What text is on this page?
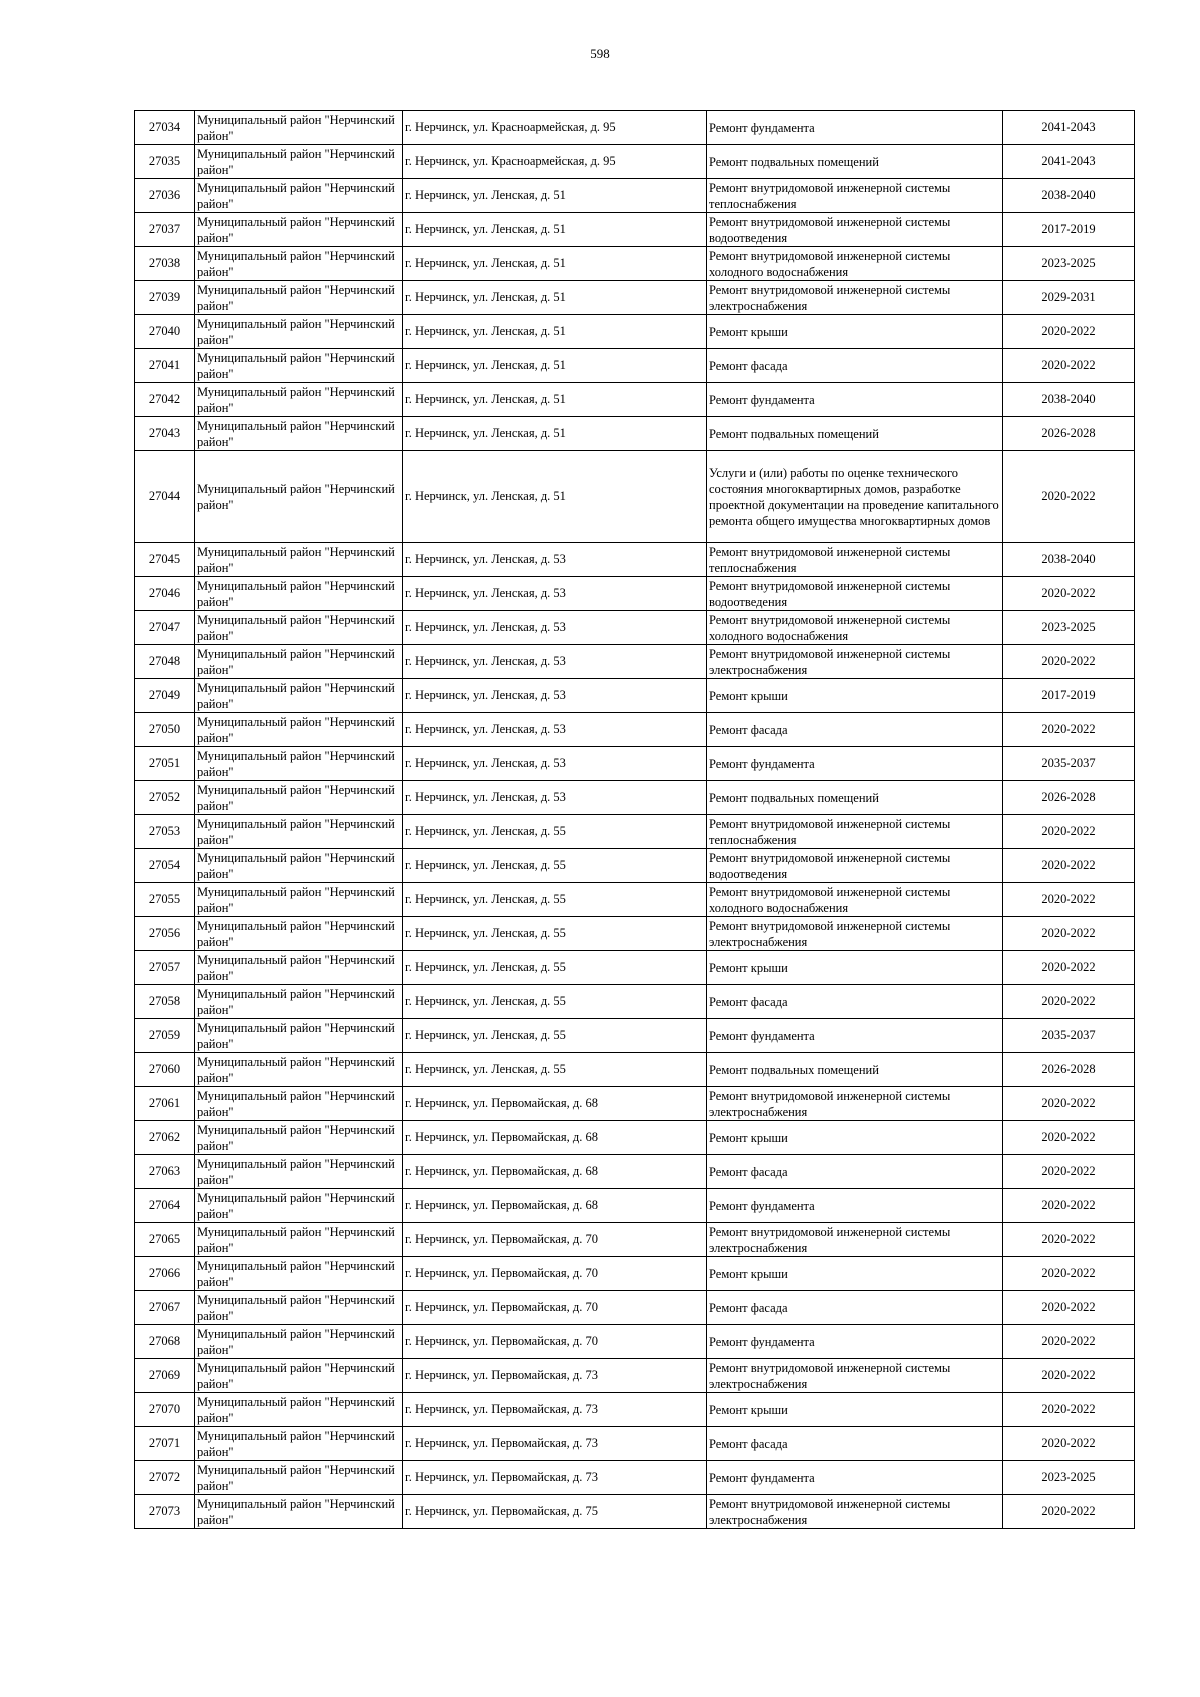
598
27034	Муниципальный район "Нерчинский район"	г. Нерчинск, ул. Красноармейская, д. 95	Ремонт фундамента	2041-2043
27035	Муниципальный район "Нерчинский район"	г. Нерчинск, ул. Красноармейская, д. 95	Ремонт подвальных помещений	2041-2043
27036	Муниципальный район "Нерчинский район"	г. Нерчинск, ул. Ленская, д. 51	Ремонт внутридомовой инженерной системы теплоснабжения	2038-2040
27037	Муниципальный район "Нерчинский район"	г. Нерчинск, ул. Ленская, д. 51	Ремонт внутридомовой инженерной системы водоотведения	2017-2019
27038	Муниципальный район "Нерчинский район"	г. Нерчинск, ул. Ленская, д. 51	Ремонт внутридомовой инженерной системы холодного водоснабжения	2023-2025
27039	Муниципальный район "Нерчинский район"	г. Нерчинск, ул. Ленская, д. 51	Ремонт внутридомовой инженерной системы электроснабжения	2029-2031
27040	Муниципальный район "Нерчинский район"	г. Нерчинск, ул. Ленская, д. 51	Ремонт крыши	2020-2022
27041	Муниципальный район "Нерчинский район"	г. Нерчинск, ул. Ленская, д. 51	Ремонт фасада	2020-2022
27042	Муниципальный район "Нерчинский район"	г. Нерчинск, ул. Ленская, д. 51	Ремонт фундамента	2038-2040
27043	Муниципальный район "Нерчинский район"	г. Нерчинск, ул. Ленская, д. 51	Ремонт подвальных помещений	2026-2028
27044	Муниципальный район "Нерчинский район"	г. Нерчинск, ул. Ленская, д. 51	Услуги и (или) работы по оценке технического состояния многоквартирных домов, разработке проектной документации на проведение капитального ремонта общего имущества многоквартирных домов	2020-2022
27045	Муниципальный район "Нерчинский район"	г. Нерчинск, ул. Ленская, д. 53	Ремонт внутридомовой инженерной системы теплоснабжения	2038-2040
27046	Муниципальный район "Нерчинский район"	г. Нерчинск, ул. Ленская, д. 53	Ремонт внутридомовой инженерной системы водоотведения	2020-2022
27047	Муниципальный район "Нерчинский район"	г. Нерчинск, ул. Ленская, д. 53	Ремонт внутридомовой инженерной системы холодного водоснабжения	2023-2025
27048	Муниципальный район "Нерчинский район"	г. Нерчинск, ул. Ленская, д. 53	Ремонт внутридомовой инженерной системы электроснабжения	2020-2022
27049	Муниципальный район "Нерчинский район"	г. Нерчинск, ул. Ленская, д. 53	Ремонт крыши	2017-2019
27050	Муниципальный район "Нерчинский район"	г. Нерчинск, ул. Ленская, д. 53	Ремонт фасада	2020-2022
27051	Муниципальный район "Нерчинский район"	г. Нерчинск, ул. Ленская, д. 53	Ремонт фундамента	2035-2037
27052	Муниципальный район "Нерчинский район"	г. Нерчинск, ул. Ленская, д. 53	Ремонт подвальных помещений	2026-2028
27053	Муниципальный район "Нерчинский район"	г. Нерчинск, ул. Ленская, д. 55	Ремонт внутридомовой инженерной системы теплоснабжения	2020-2022
27054	Муниципальный район "Нерчинский район"	г. Нерчинск, ул. Ленская, д. 55	Ремонт внутридомовой инженерной системы водоотведения	2020-2022
27055	Муниципальный район "Нерчинский район"	г. Нерчинск, ул. Ленская, д. 55	Ремонт внутридомовой инженерной системы холодного водоснабжения	2020-2022
27056	Муниципальный район "Нерчинский район"	г. Нерчинск, ул. Ленская, д. 55	Ремонт внутридомовой инженерной системы электроснабжения	2020-2022
27057	Муниципальный район "Нерчинский район"	г. Нерчинск, ул. Ленская, д. 55	Ремонт крыши	2020-2022
27058	Муниципальный район "Нерчинский район"	г. Нерчинск, ул. Ленская, д. 55	Ремонт фасада	2020-2022
27059	Муниципальный район "Нерчинский район"	г. Нерчинск, ул. Ленская, д. 55	Ремонт фундамента	2035-2037
27060	Муниципальный район "Нерчинский район"	г. Нерчинск, ул. Ленская, д. 55	Ремонт подвальных помещений	2026-2028
27061	Муниципальный район "Нерчинский район"	г. Нерчинск, ул. Первомайская, д. 68	Ремонт внутридомовой инженерной системы электроснабжения	2020-2022
27062	Муниципальный район "Нерчинский район"	г. Нерчинск, ул. Первомайская, д. 68	Ремонт крыши	2020-2022
27063	Муниципальный район "Нерчинский район"	г. Нерчинск, ул. Первомайская, д. 68	Ремонт фасада	2020-2022
27064	Муниципальный район "Нерчинский район"	г. Нерчинск, ул. Первомайская, д. 68	Ремонт фундамента	2020-2022
27065	Муниципальный район "Нерчинский район"	г. Нерчинск, ул. Первомайская, д. 70	Ремонт внутридомовой инженерной системы электроснабжения	2020-2022
27066	Муниципальный район "Нерчинский район"	г. Нерчинск, ул. Первомайская, д. 70	Ремонт крыши	2020-2022
27067	Муниципальный район "Нерчинский район"	г. Нерчинск, ул. Первомайская, д. 70	Ремонт фасада	2020-2022
27068	Муниципальный район "Нерчинский район"	г. Нерчинск, ул. Первомайская, д. 70	Ремонт фундамента	2020-2022
27069	Муниципальный район "Нерчинский район"	г. Нерчинск, ул. Первомайская, д. 73	Ремонт внутридомовой инженерной системы электроснабжения	2020-2022
27070	Муниципальный район "Нерчинский район"	г. Нерчинск, ул. Первомайская, д. 73	Ремонт крыши	2020-2022
27071	Муниципальный район "Нерчинский район"	г. Нерчинск, ул. Первомайская, д. 73	Ремонт фасада	2020-2022
27072	Муниципальный район "Нерчинский район"	г. Нерчинск, ул. Первомайская, д. 73	Ремонт фундамента	2023-2025
27073	Муниципальный район "Нерчинский район"	г. Нерчинск, ул. Первомайская, д. 75	Ремонт внутридомовой инженерной системы электроснабжения	2020-2022
